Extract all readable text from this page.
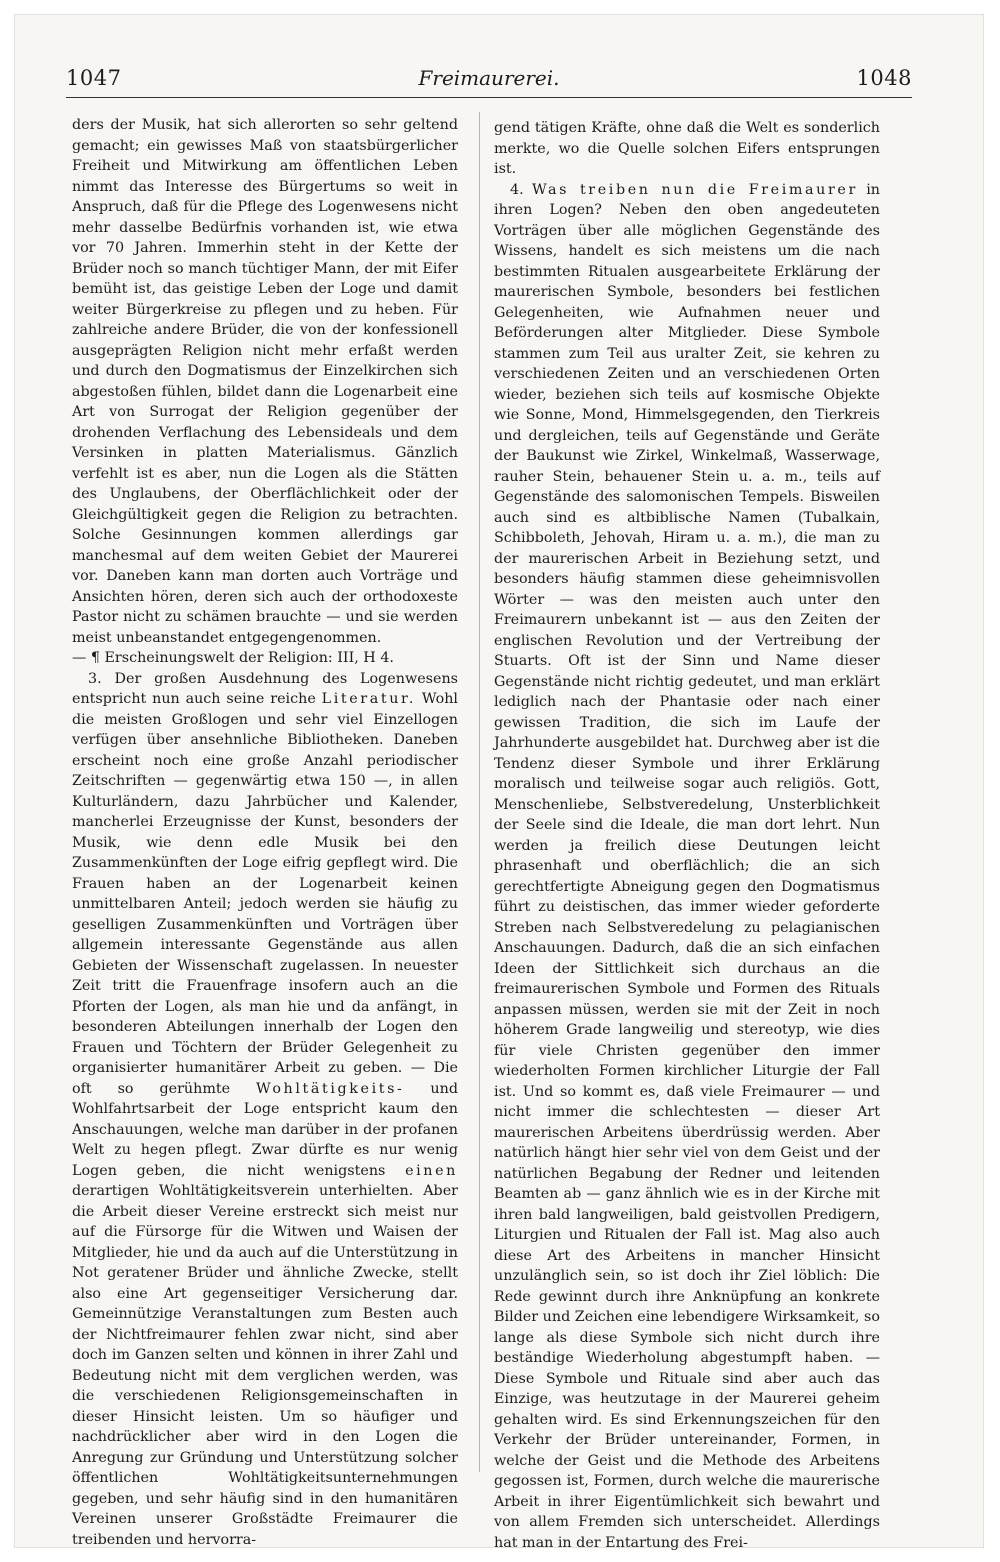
1047	Freimaurerei.	1048

ders der Musik, hat sich allerorten so sehr geltend gemacht; ein gewisses Maß von staatsbürgerlicher Freiheit und Mitwirkung am öffentlichen Leben nimmt das Interesse des Bürgertums so weit in Anspruch, daß für die Pflege des Logenwesens nicht mehr dasselbe Bedürfnis vorhanden ist, wie etwa vor 70 Jahren. Immerhin steht in der Kette der Brüder noch so manch tüchtiger Mann, der mit Eifer bemüht ist, das geistige Leben der Loge und damit weiter Bürgerkreise zu pflegen und zu heben. Für zahlreiche andere Brüder, die von der konfessionell ausgeprägten Religion nicht mehr erfaßt werden und durch den Dogmatismus der Einzelkirchen sich abgestoßen fühlen, bildet dann die Logenarbeit eine Art von Surrogat der Religion gegenüber der drohenden Verflachung des Lebensideals und dem Versinken in platten Materialismus. Gänzlich verfehlt ist es aber, nun die Logen als die Stätten des Unglaubens, der Oberflächlichkeit oder der Gleichgültigkeit gegen die Religion zu betrachten. Solche Gesinnungen kommen allerdings gar manchesmal auf dem weiten Gebiet der Maurerei vor. Daneben kann man dorten auch Vorträge und Ansichten hören, deren sich auch der orthodoxeste Pastor nicht zu schämen brauchte — und sie werden meist unbeanstandet entgegengenommen.

— ¶ Erscheinungswelt der Religion: III, H 4.

3. Der großen Ausdehnung des Logenwesens entspricht nun auch seine reiche Literatur. Wohl die meisten Großlogen und sehr viel Einzellogen verfügen über ansehnliche Bibliotheken. Daneben erscheint noch eine große Anzahl periodischer Zeitschriften — gegenwärtig etwa 150 —, in allen Kulturländern, dazu Jahrbücher und Kalender, mancherlei Erzeugnisse der Kunst, besonders der Musik, wie denn edle Musik bei den Zusammenkünften der Loge eifrig gepflegt wird. Die Frauen haben an der Logenarbeit keinen unmittelbaren Anteil; jedoch werden sie häufig zu geselligen Zusammenkünften und Vorträgen über allgemein interessante Gegenstände aus allen Gebieten der Wissenschaft zugelassen. In neuester Zeit tritt die Frauenfrage insofern auch an die Pforten der Logen, als man hie und da anfängt, in besonderen Abteilungen innerhalb der Logen den Frauen und Töchtern der Brüder Gelegenheit zu organisierter humanitärer Arbeit zu geben. — Die oft so gerühmte Wohltätigkeits- und Wohlfahrtsarbeit der Loge entspricht kaum den Anschauungen, welche man darüber in der profanen Welt zu hegen pflegt. Zwar dürfte es nur wenig Logen geben, die nicht wenigstens einen derartigen Wohltätigkeitsverein unterhielten. Aber die Arbeit dieser Vereine erstreckt sich meist nur auf die Fürsorge für die Witwen und Waisen der Mitglieder, hie und da auch auf die Unterstützung in Not geratener Brüder und ähnliche Zwecke, stellt also eine Art gegenseitiger Versicherung dar. Gemeinnützige Veranstaltungen zum Besten auch der Nichtfreimaurer fehlen zwar nicht, sind aber doch im Ganzen selten und können in ihrer Zahl und Bedeutung nicht mit dem verglichen werden, was die verschiedenen Religionsgemeinschaften in dieser Hinsicht leisten. Um so häufiger und nachdrücklicher aber wird in den Logen die Anregung zur Gründung und Unterstützung solcher öffentlichen Wohltätigkeitsunternehmungen gegeben, und sehr häufig sind in den humanitären Vereinen unserer Großstädte Freimaurer die treibenden und hervorra-

gend tätigen Kräfte, ohne daß die Welt es sonderlich merkte, wo die Quelle solchen Eifers entsprungen ist.

4. Was treiben nun die Freimaurer in ihren Logen? Neben den oben angedeuteten Vorträgen über alle möglichen Gegenstände des Wissens, handelt es sich meistens um die nach bestimmten Ritualen ausgearbeitete Erklärung der maurerischen Symbole, besonders bei festlichen Gelegenheiten, wie Aufnahmen neuer und Beförderungen alter Mitglieder. Diese Symbole stammen zum Teil aus uralter Zeit, sie kehren zu verschiedenen Zeiten und an verschiedenen Orten wieder, beziehen sich teils auf kosmische Objekte wie Sonne, Mond, Himmelsgegenden, den Tierkreis und dergleichen, teils auf Gegenstände und Geräte der Baukunst wie Zirkel, Winkelmaß, Wasserwage, rauher Stein, behauener Stein u. a. m., teils auf Gegenstände des salomonischen Tempels. Bisweilen auch sind es altbiblische Namen (Tubalkain, Schibboleth, Jehovah, Hiram u. a. m.), die man zu der maurerischen Arbeit in Beziehung setzt, und besonders häufig stammen diese geheimnisvollen Wörter — was den meisten auch unter den Freimaurern unbekannt ist — aus den Zeiten der englischen Revolution und der Vertreibung der Stuarts. Oft ist der Sinn und Name dieser Gegenstände nicht richtig gedeutet, und man erklärt lediglich nach der Phantasie oder nach einer gewissen Tradition, die sich im Laufe der Jahrhunderte ausgebildet hat. Durchweg aber ist die Tendenz dieser Symbole und ihrer Erklärung moralisch und teilweise sogar auch religiös. Gott, Menschenliebe, Selbstveredelung, Unsterblichkeit der Seele sind die Ideale, die man dort lehrt. Nun werden ja freilich diese Deutungen leicht phrasenhaft und oberflächlich; die an sich gerechtfertigte Abneigung gegen den Dogmatismus führt zu deistischen, das immer wieder geforderte Streben nach Selbstveredelung zu pelagianischen Anschauungen. Dadurch, daß die an sich einfachen Ideen der Sittlichkeit sich durchaus an die freimaurerischen Symbole und Formen des Rituals anpassen müssen, werden sie mit der Zeit in noch höherem Grade langweilig und stereotyp, wie dies für viele Christen gegenüber den immer wiederholten Formen kirchlicher Liturgie der Fall ist. Und so kommt es, daß viele Freimaurer — und nicht immer die schlechtesten — dieser Art maurerischen Arbeitens überdrüssig werden. Aber natürlich hängt hier sehr viel von dem Geist und der natürlichen Begabung der Redner und leitenden Beamten ab — ganz ähnlich wie es in der Kirche mit ihren bald langweiligen, bald geistvollen Predigern, Liturgien und Ritualen der Fall ist. Mag also auch diese Art des Arbeitens in mancher Hinsicht unzulänglich sein, so ist doch ihr Ziel löblich: Die Rede gewinnt durch ihre Anknüpfung an konkrete Bilder und Zeichen eine lebendigere Wirksamkeit, so lange als diese Symbole sich nicht durch ihre beständige Wiederholung abgestumpft haben. — Diese Symbole und Rituale sind aber auch das Einzige, was heutzutage in der Maurerei geheim gehalten wird. Es sind Erkennungszeichen für den Verkehr der Brüder untereinander, Formen, in welche der Geist und die Methode des Arbeitens gegossen ist, Formen, durch welche die maurerische Arbeit in ihrer Eigentümlichkeit sich bewahrt und von allem Fremden sich unterscheidet. Allerdings hat man in der Entartung des Frei-
